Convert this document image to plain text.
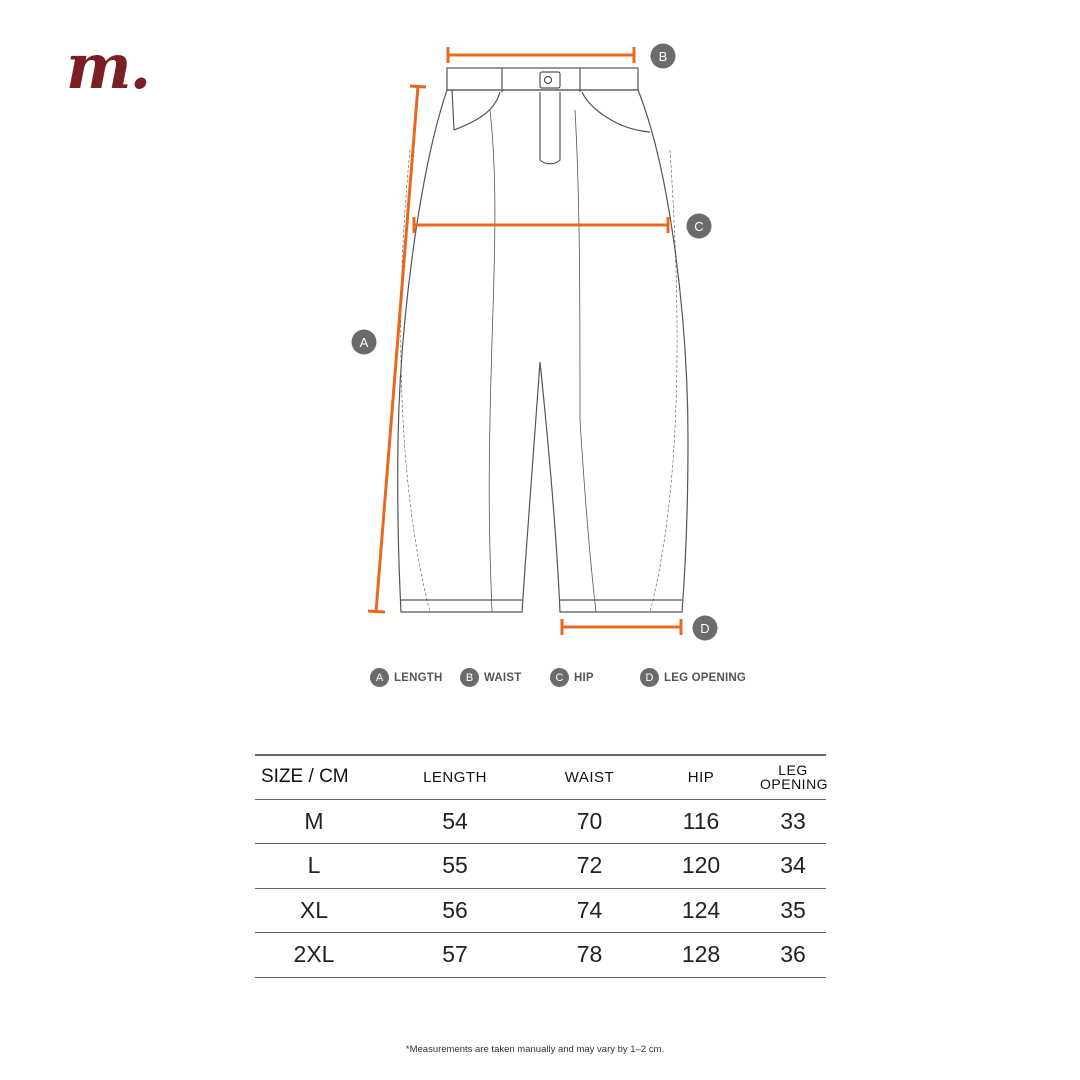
m.
A
B
C
D
A LENGTH	B WAIST	C HIP	D LEG OPENING
SIZE / CM	LENGTH	WAIST	HIP	LEG OPENING
M	54	70	116	33
L	55	72	120	34
XL	56	74	124	35
2XL	57	78	128	36
*Measurements are taken manually and may vary by 1–2 cm.
